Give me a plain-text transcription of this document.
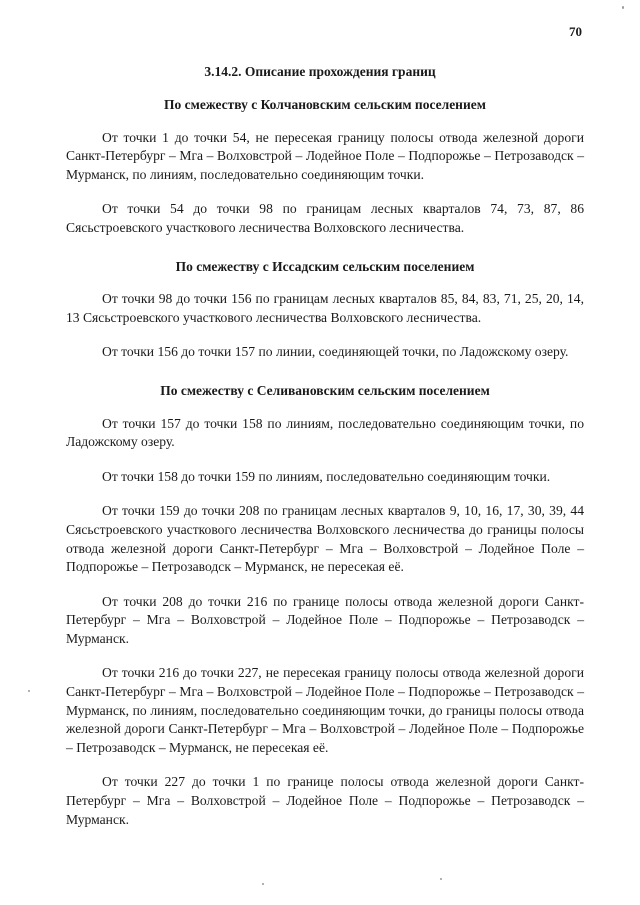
70
3.14.2. Описание прохождения границ
По смежеству с Колчановским сельским поселением

От точки 1 до точки 54, не пересекая границу полосы отвода железной дороги Санкт-Петербург – Мга – Волховстрой – Лодейное Поле – Подпорожье – Петрозаводск – Мурманск, по линиям, последовательно соединяющим точки.

От точки 54 до точки 98 по границам лесных кварталов 74, 73, 87, 86 Сясьстроевского участкового лесничества Волховского лесничества.

По смежеству с Иссадским сельским поселением

От точки 98 до точки 156 по границам лесных кварталов 85, 84, 83, 71, 25, 20, 14, 13 Сясьстроевского участкового лесничества Волховского лесничества.

От точки 156 до точки 157 по линии, соединяющей точки, по Ладожскому озеру.

По смежеству с Селивановским сельским поселением

От точки 157 до точки 158 по линиям, последовательно соединяющим точки, по Ладожскому озеру.

От точки 158 до точки 159 по линиям, последовательно соединяющим точки.

От точки 159 до точки 208 по границам лесных кварталов 9, 10, 16, 17, 30, 39, 44 Сясьстроевского участкового лесничества Волховского лесничества до границы полосы отвода железной дороги Санкт-Петербург – Мга – Волховстрой – Лодейное Поле – Подпорожье – Петрозаводск – Мурманск, не пересекая её.

От точки 208 до точки 216 по границе полосы отвода железной дороги Санкт-Петербург – Мга – Волховстрой – Лодейное Поле – Подпорожье – Петрозаводск – Мурманск.

От точки 216 до точки 227, не пересекая границу полосы отвода железной дороги Санкт-Петербург – Мга – Волховстрой – Лодейное Поле – Подпорожье – Петрозаводск – Мурманск, по линиям, последовательно соединяющим точки, до границы полосы отвода железной дороги Санкт-Петербург – Мга – Волховстрой – Лодейное Поле – Подпорожье – Петрозаводск – Мурманск, не пересекая её.

От точки 227 до точки 1 по границе полосы отвода железной дороги Санкт-Петербург – Мга – Волховстрой – Лодейное Поле – Подпорожье – Петрозаводск – Мурманск.
